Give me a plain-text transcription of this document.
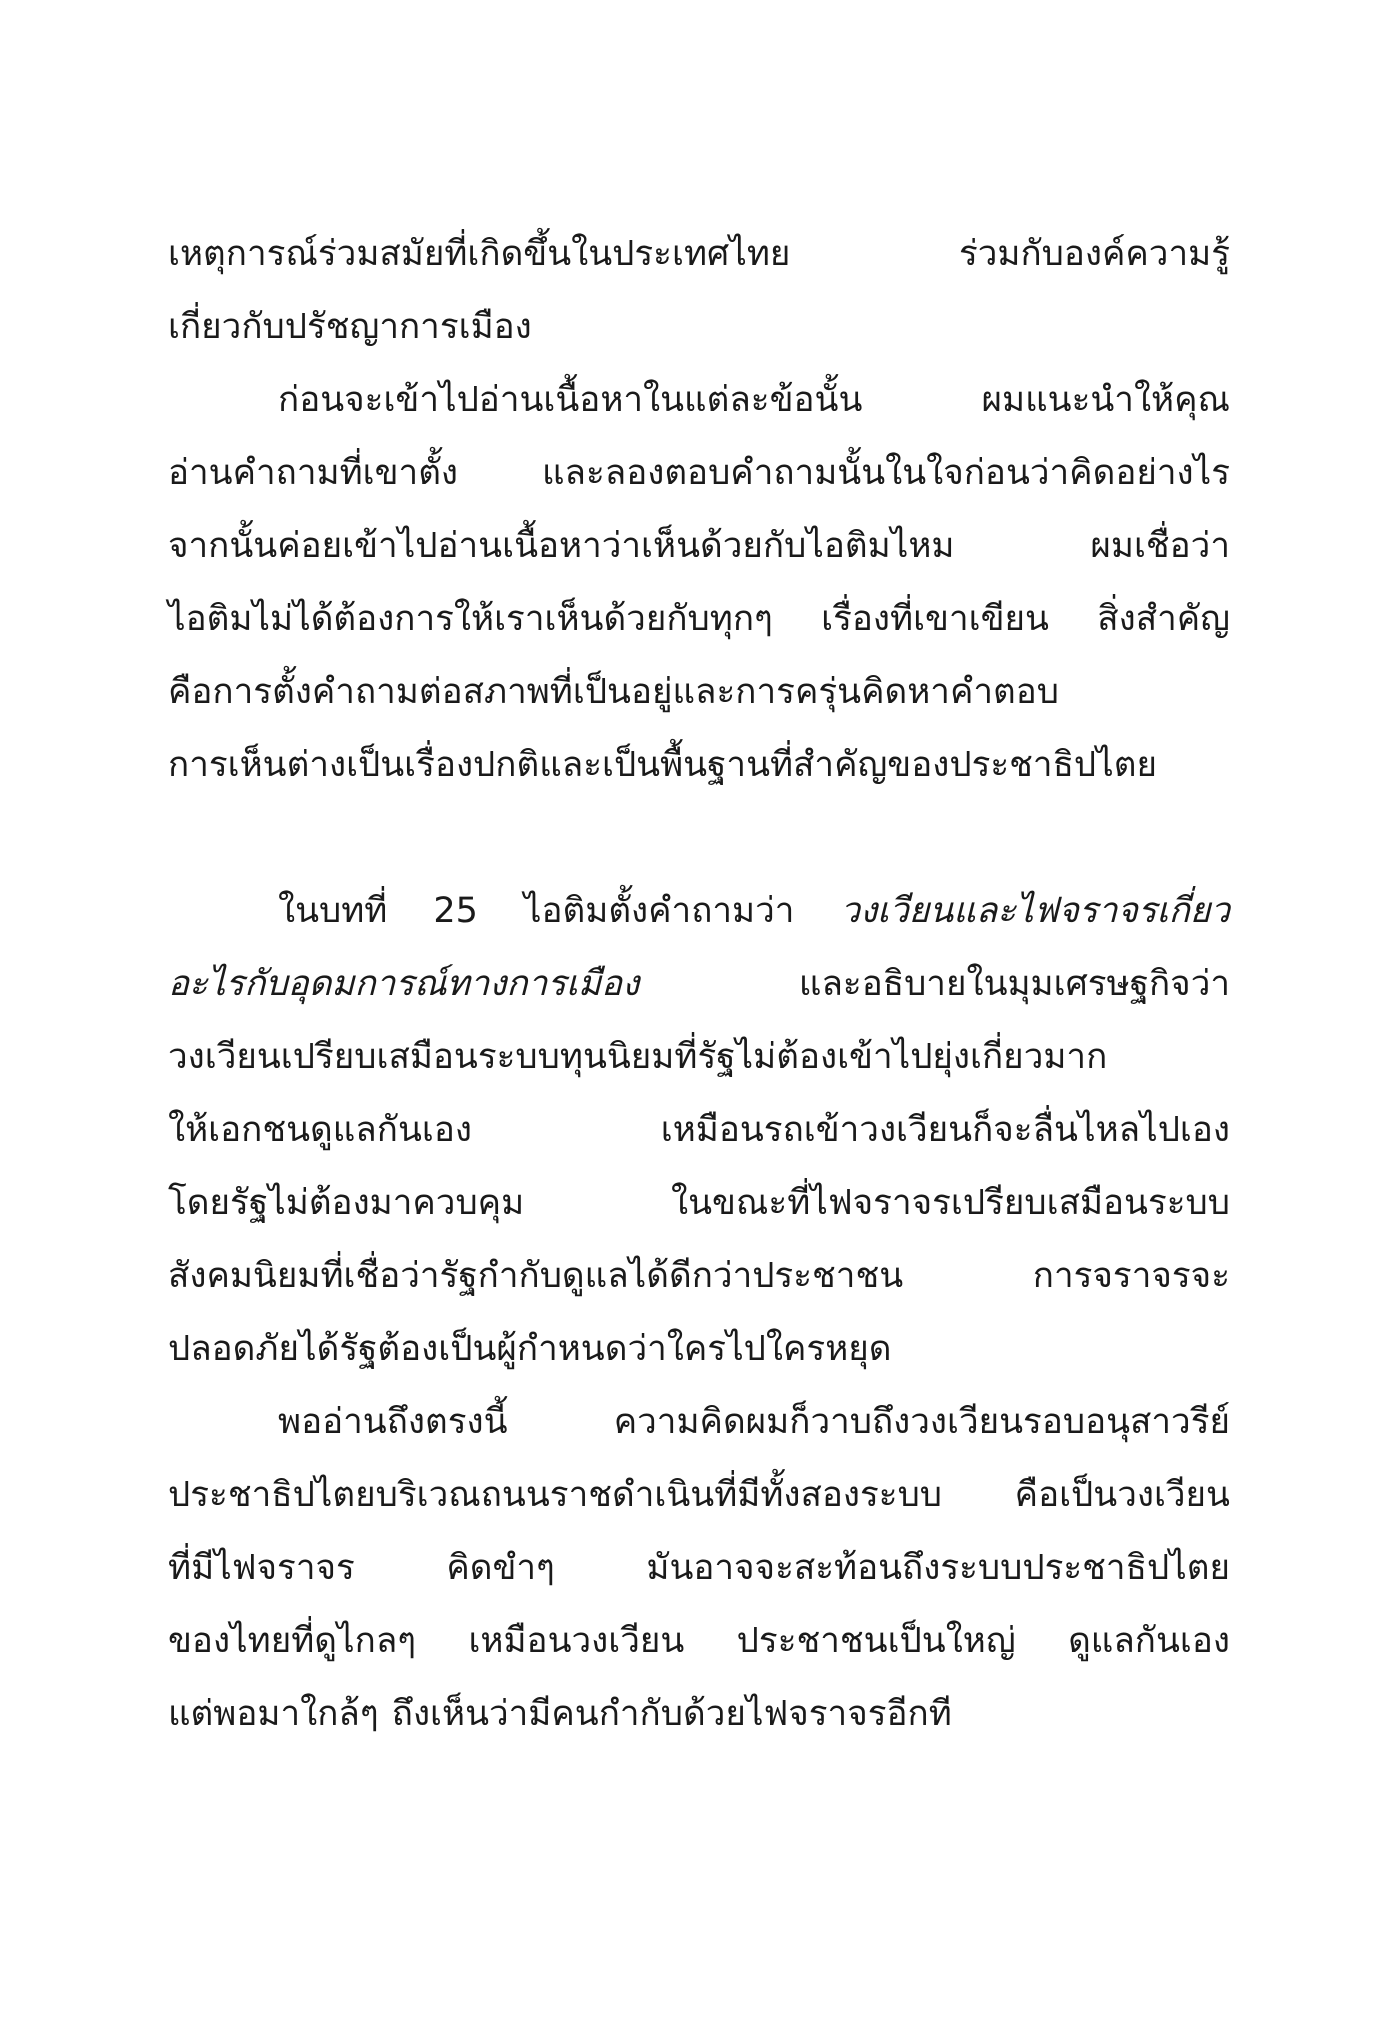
เหตุการณ์ร่วมสมัยที่เกิดขึ้นในประเทศไทย ร่วมกับองค์ความรู้
เกี่ยวกับปรัชญาการเมือง
ก่อนจะเข้าไปอ่านเนื้อหาในแต่ละข้อนั้น ผมแนะนำให้คุณ
อ่านคำถามที่เขาตั้ง และลองตอบคำถามนั้นในใจก่อนว่าคิดอย่างไร
จากนั้นค่อยเข้าไปอ่านเนื้อหาว่าเห็นด้วยกับไอติมไหม ผมเชื่อว่า
ไอติมไม่ได้ต้องการให้เราเห็นด้วยกับทุกๆ เรื่องที่เขาเขียน สิ่งสำคัญ
คือการตั้งคำถามต่อสภาพที่เป็นอยู่และการครุ่นคิดหาคำตอบ
การเห็นต่างเป็นเรื่องปกติและเป็นพื้นฐานที่สำคัญของประชาธิปไตย
ในบทที่ 25 ไอติมตั้งคำถามว่า วงเวียนและไฟจราจรเกี่ยว
อะไรกับอุดมการณ์ทางการเมือง และอธิบายในมุมเศรษฐกิจว่า
วงเวียนเปรียบเสมือนระบบทุนนิยมที่รัฐไม่ต้องเข้าไปยุ่งเกี่ยวมาก
ให้เอกชนดูแลกันเอง เหมือนรถเข้าวงเวียนก็จะลื่นไหลไปเอง
โดยรัฐไม่ต้องมาควบคุม ในขณะที่ไฟจราจรเปรียบเสมือนระบบ
สังคมนิยมที่เชื่อว่ารัฐกำกับดูแลได้ดีกว่าประชาชน การจราจรจะ
ปลอดภัยได้รัฐต้องเป็นผู้กำหนดว่าใครไปใครหยุด
พออ่านถึงตรงนี้ ความคิดผมก็วาบถึงวงเวียนรอบอนุสาวรีย์
ประชาธิปไตยบริเวณถนนราชดำเนินที่มีทั้งสองระบบ คือเป็นวงเวียน
ที่มีไฟจราจร คิดขำๆ มันอาจจะสะท้อนถึงระบบประชาธิปไตย
ของไทยที่ดูไกลๆ เหมือนวงเวียน ประชาชนเป็นใหญ่ ดูแลกันเอง
แต่พอมาใกล้ๆ ถึงเห็นว่ามีคนกำกับด้วยไฟจราจรอีกที
